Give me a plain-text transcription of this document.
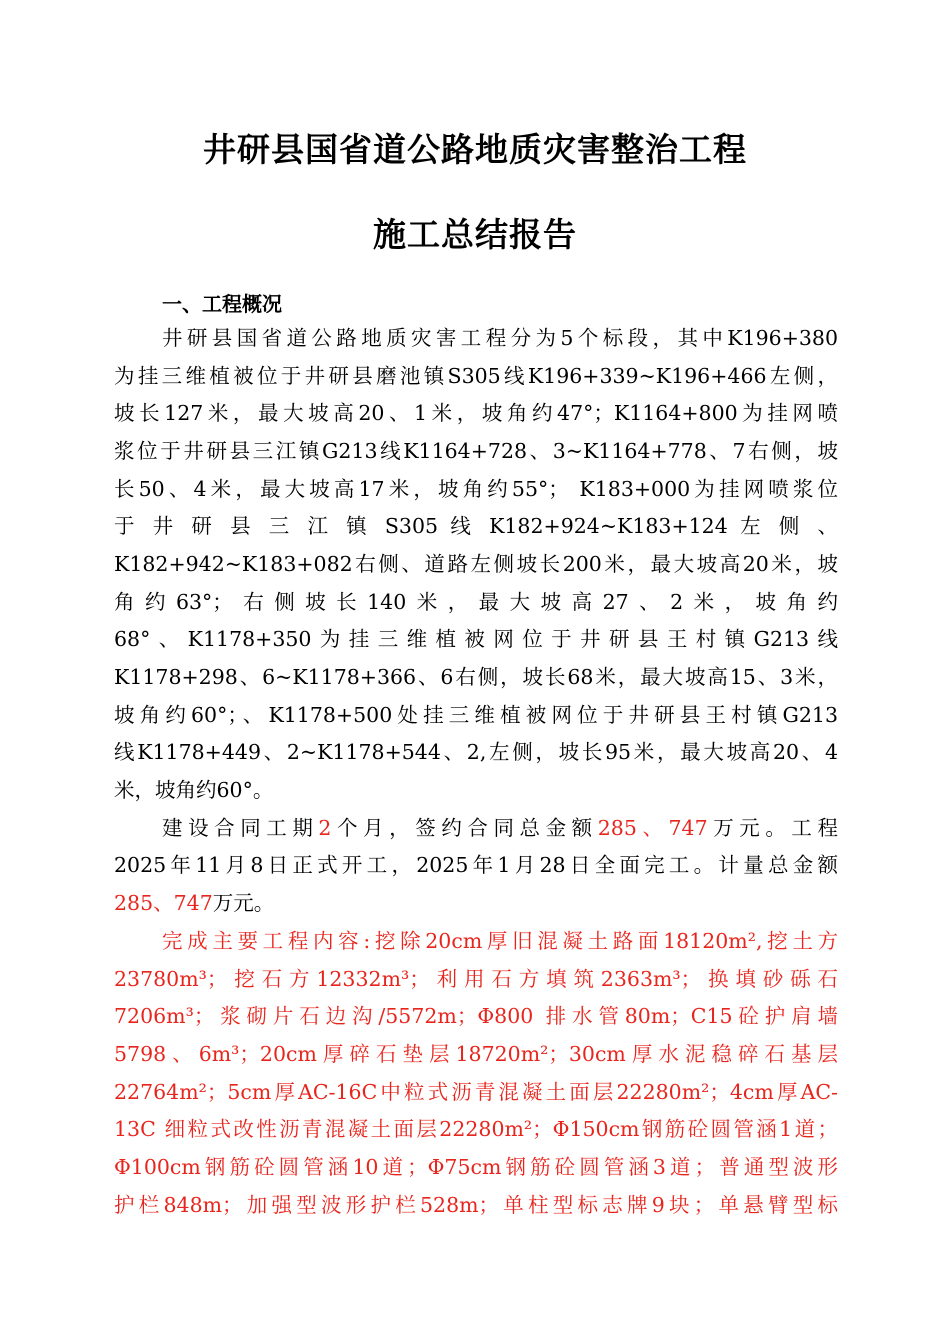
井研县国省道公路地质灾害整治工程
施工总结报告
一、工程概况
井研县国省道公路地质灾害工程分为5个标段，其中K196+380
为挂三维植被位于井研县磨池镇S305线K196+339~K196+466左侧，
坡长127米，最大坡高20、1米，坡角约47°；K1164+800为挂网喷
浆位于井研县三江镇G213线K1164+728、3~K1164+778、7右侧，坡
长50、4米，最大坡高17米，坡角约55°； K183+000为挂网喷浆位
于 井 研 县 三 江 镇 S305 线 K182+924~K183+124 左 侧 、
K182+942~K183+082右侧、道路左侧坡长200米，最大坡高20米，坡
角约63°；右侧坡长140米，最大坡高27、2米，坡角约
68°、K1178+350为挂三维植被网位于井研县王村镇G213线
K1178+298、6~K1178+366、6右侧，坡长68米，最大坡高15、3米，
坡角约60°；、K1178+500处挂三维植被网位于井研县王村镇G213
线K1178+449、2~K1178+544、2,左侧，坡长95米，最大坡高20、4
米，坡角约60°。
建设合同工期2个月，签约合同总金额285、747万元。工程
2025年11月8日正式开工，2025年1月28日全面完工。计量总金额
285、747万元。
完成主要工程内容:挖除20cm厚旧混凝土路面18120m²,挖土方
23780m³；挖石方12332m³；利用石方填筑2363m³；换填砂砾石
7206m³；浆砌片石边沟/5572m；Φ800 排水管80m；C15砼护肩墙
5798、6m³；20cm厚碎石垫层18720m²；30cm厚水泥稳碎石基层
22764m²；5cm厚AC-16C中粒式沥青混凝土面层22280m²；4cm厚AC-
13C 细粒式改性沥青混凝土面层22280m²；Φ150cm钢筋砼圆管涵1道；
Φ100cm钢筋砼圆管涵10道；Φ75cm钢筋砼圆管涵3道；普通型波形
护栏848m；加强型波形护栏528m；单柱型标志牌9块；单悬臂型标
